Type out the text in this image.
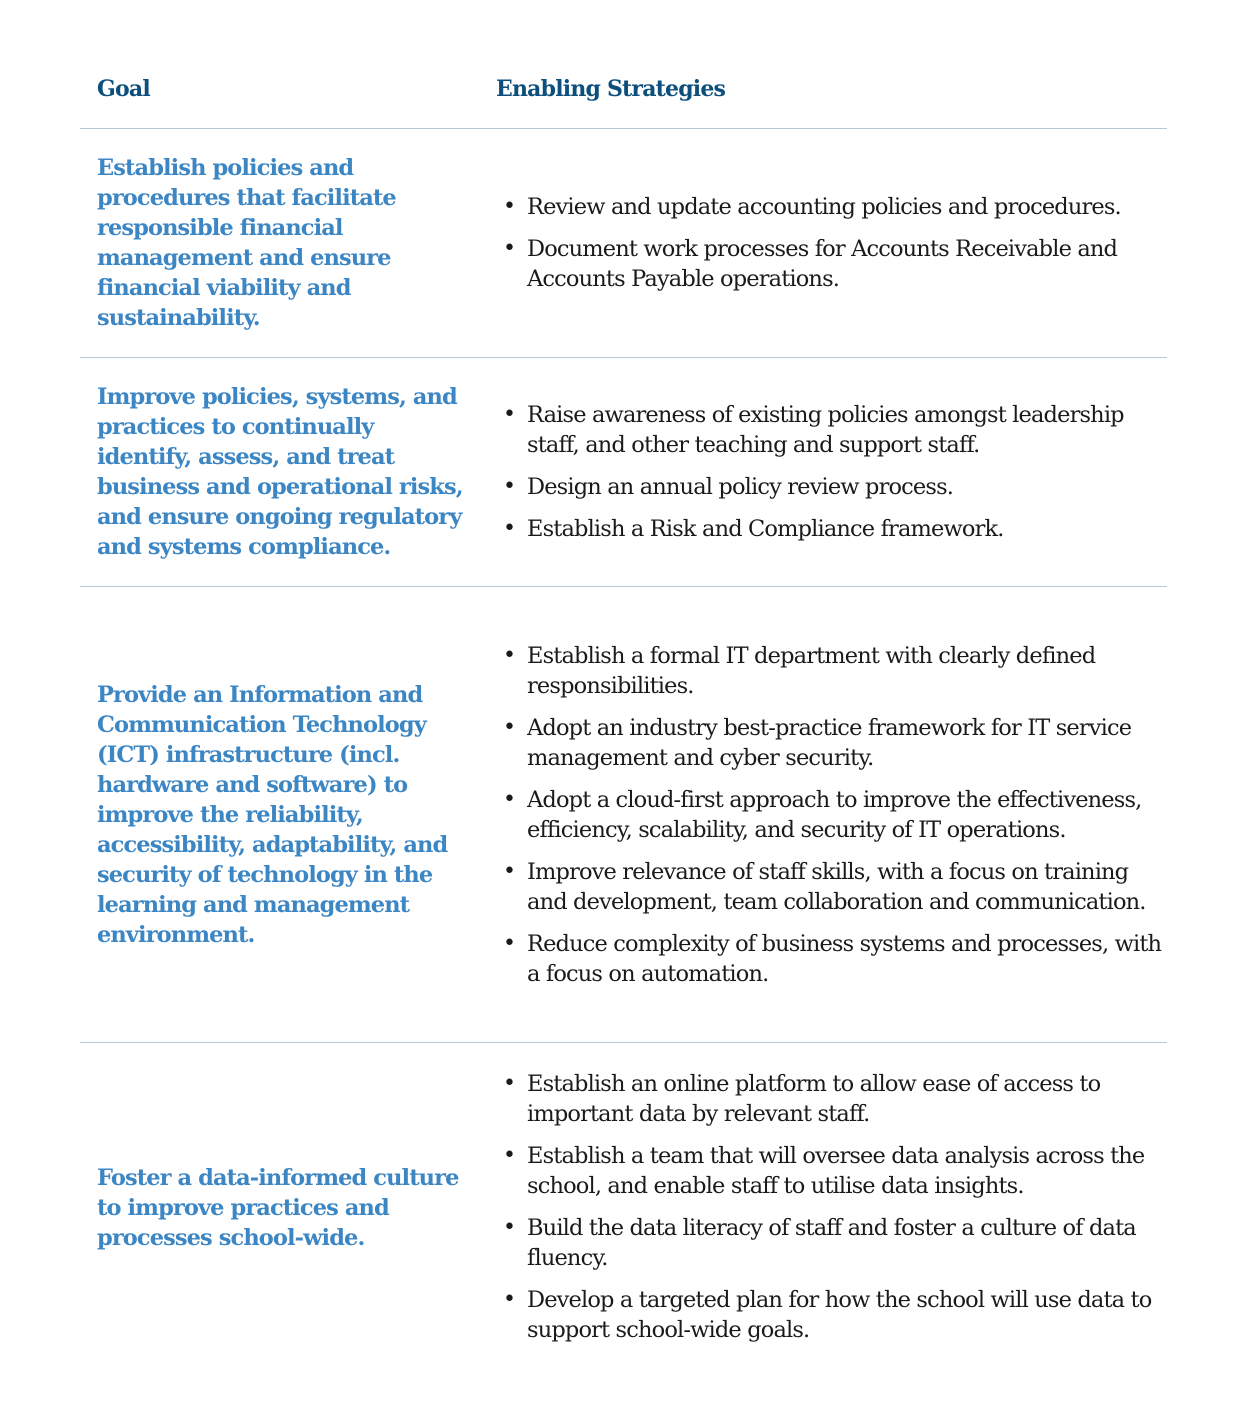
Goal	Enabling Strategies
Establish policies and procedures that facilitate responsible financial management and ensure financial viability and sustainability.
• Review and update accounting policies and procedures.
• Document work processes for Accounts Receivable and Accounts Payable operations.
Improve policies, systems, and practices to continually identify, assess, and treat business and operational risks, and ensure ongoing regulatory and systems compliance.
• Raise awareness of existing policies amongst leadership staff, and other teaching and support staff.
• Design an annual policy review process.
• Establish a Risk and Compliance framework.
Provide an Information and Communication Technology (ICT) infrastructure (incl. hardware and software) to improve the reliability, accessibility, adaptability, and security of technology in the learning and management environment.
• Establish a formal IT department with clearly defined responsibilities.
• Adopt an industry best-practice framework for IT service management and cyber security.
• Adopt a cloud-first approach to improve the effectiveness, efficiency, scalability, and security of IT operations.
• Improve relevance of staff skills, with a focus on training and development, team collaboration and communication.
• Reduce complexity of business systems and processes, with a focus on automation.
Foster a data-informed culture to improve practices and processes school-wide.
• Establish an online platform to allow ease of access to important data by relevant staff.
• Establish a team that will oversee data analysis across the school, and enable staff to utilise data insights.
• Build the data literacy of staff and foster a culture of data fluency.
• Develop a targeted plan for how the school will use data to support school-wide goals.
